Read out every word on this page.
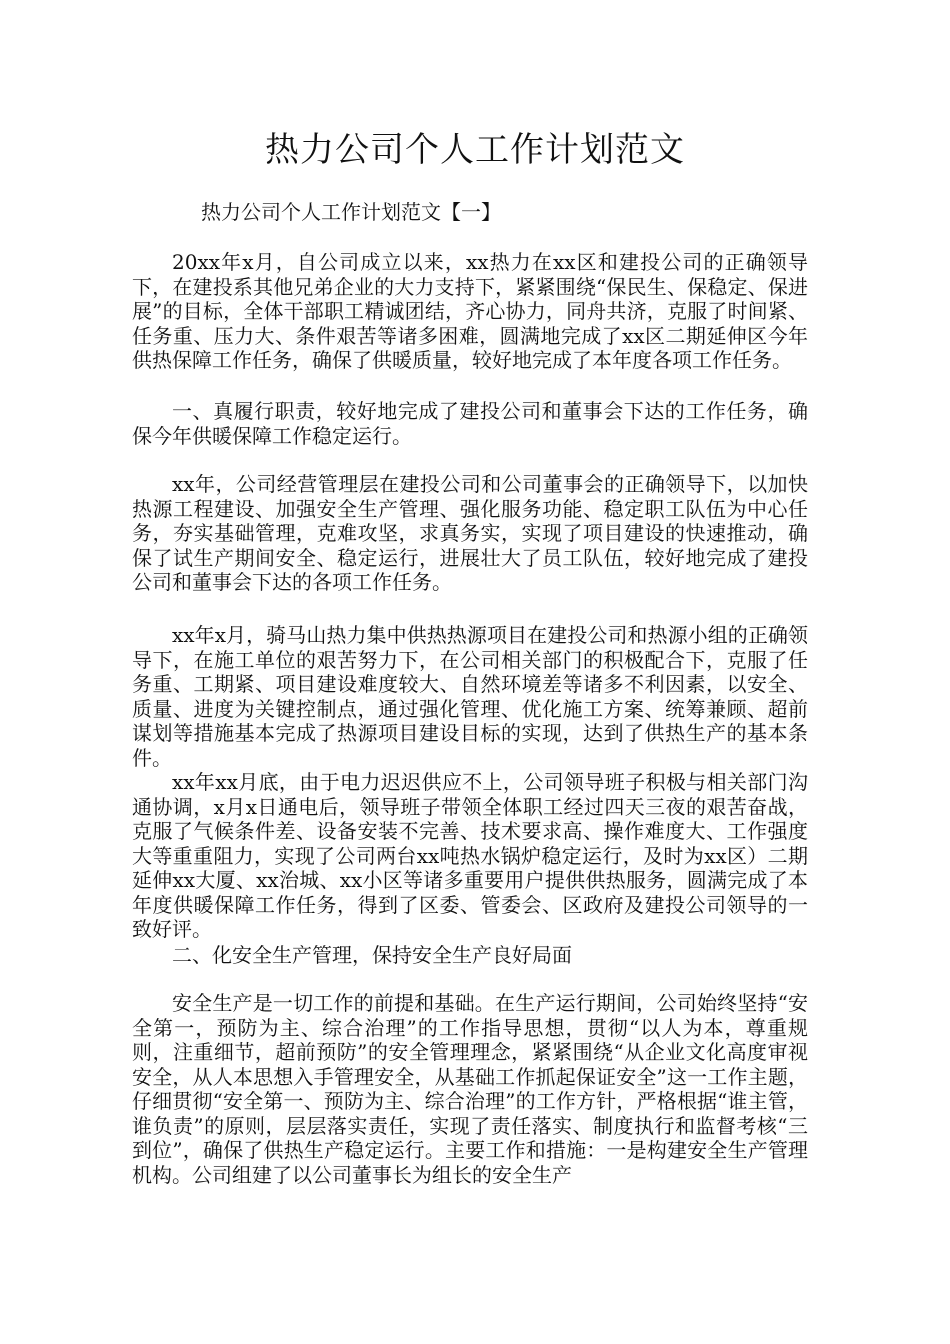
热力公司个人工作计划范文

热力公司个人工作计划范文【一】

20xx年x月，自公司成立以来，xx热力在xx区和建投公司的正确领导下，在建投系其他兄弟企业的大力支持下，紧紧围绕“保民生、保稳定、保进展”的目标，全体干部职工精诚团结，齐心协力，同舟共济，克服了时间紧、任务重、压力大、条件艰苦等诸多困难，圆满地完成了xx区二期延伸区今年供热保障工作任务，确保了供暖质量，较好地完成了本年度各项工作任务。

一、真履行职责，较好地完成了建投公司和董事会下达的工作任务，确保今年供暖保障工作稳定运行。

xx年，公司经营管理层在建投公司和公司董事会的正确领导下，以加快热源工程建设、加强安全生产管理、强化服务功能、稳定职工队伍为中心任务，夯实基础管理，克难攻坚，求真务实，实现了项目建设的快速推动，确保了试生产期间安全、稳定运行，进展壮大了员工队伍，较好地完成了建投公司和董事会下达的各项工作任务。

xx年x月，骑马山热力集中供热热源项目在建投公司和热源小组的正确领导下，在施工单位的艰苦努力下，在公司相关部门的积极配合下，克服了任务重、工期紧、项目建设难度较大、自然环境差等诸多不利因素，以安全、质量、进度为关键控制点，通过强化管理、优化施工方案、统筹兼顾、超前谋划等措施基本完成了热源项目建设目标的实现，达到了供热生产的基本条件。

xx年xx月底，由于电力迟迟供应不上，公司领导班子积极与相关部门沟通协调，x月x日通电后，领导班子带领全体职工经过四天三夜的艰苦奋战，克服了气候条件差、设备安装不完善、技术要求高、操作难度大、工作强度大等重重阻力，实现了公司两台xx吨热水锅炉稳定运行，及时为xx区）二期延伸xx大厦、xx治城、xx小区等诸多重要用户提供供热服务，圆满完成了本年度供暖保障工作任务，得到了区委、管委会、区政府及建投公司领导的一致好评。

二、化安全生产管理，保持安全生产良好局面

安全生产是一切工作的前提和基础。在生产运行期间，公司始终坚持“安全第一，预防为主、综合治理”的工作指导思想，贯彻“以人为本，尊重规则，注重细节，超前预防”的安全管理理念，紧紧围绕“从企业文化高度审视安全，从人本思想入手管理安全，从基础工作抓起保证安全”这一工作主题，仔细贯彻“安全第一、预防为主、综合治理”的工作方针，严格根据“谁主管，谁负责”的原则，层层落实责任，实现了责任落实、制度执行和监督考核“三到位”，确保了供热生产稳定运行。主要工作和措施：一是构建安全生产管理机构。公司组建了以公司董事长为组长的安全生产
